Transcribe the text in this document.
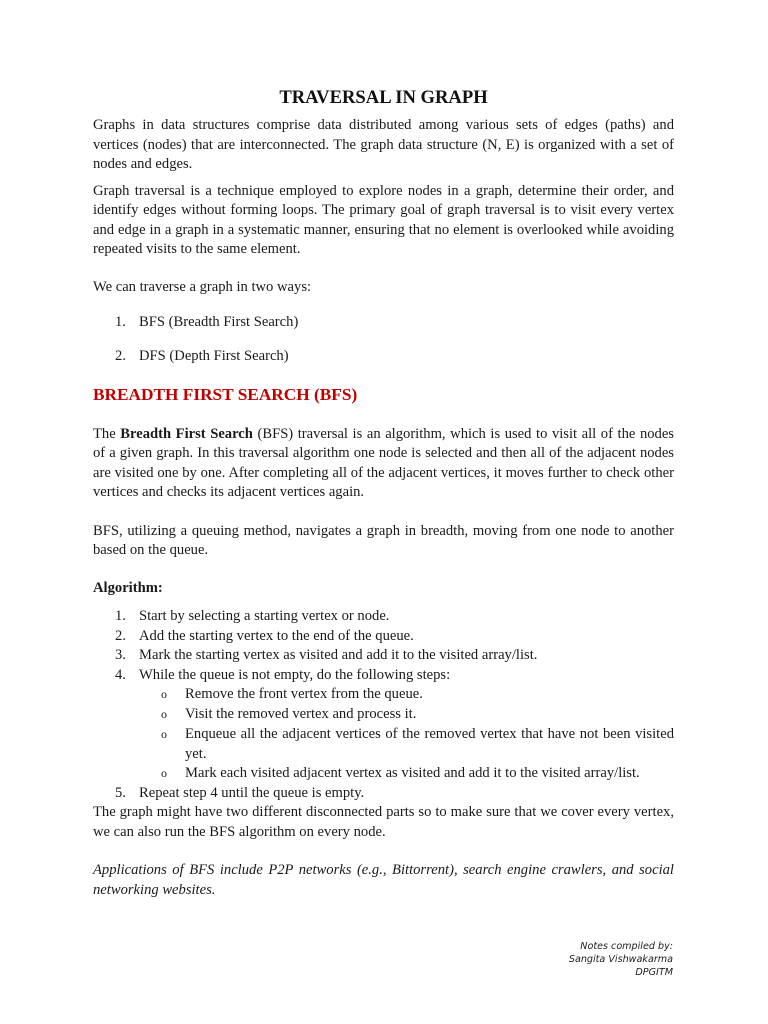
TRAVERSAL IN GRAPH

Graphs in data structures comprise data distributed among various sets of edges (paths) and vertices (nodes) that are interconnected. The graph data structure (N, E) is organized with a set of nodes and edges.

Graph traversal is a technique employed to explore nodes in a graph, determine their order, and identify edges without forming loops. The primary goal of graph traversal is to visit every vertex and edge in a graph in a systematic manner, ensuring that no element is overlooked while avoiding repeated visits to the same element.

We can traverse a graph in two ways:

1. BFS (Breadth First Search)
2. DFS (Depth First Search)
BREADTH FIRST SEARCH (BFS)

The Breadth First Search (BFS) traversal is an algorithm, which is used to visit all of the nodes of a given graph. In this traversal algorithm one node is selected and then all of the adjacent nodes are visited one by one. After completing all of the adjacent vertices, it moves further to check other vertices and checks its adjacent vertices again.

BFS, utilizing a queuing method, navigates a graph in breadth, moving from one node to another based on the queue.

Algorithm:

1. Start by selecting a starting vertex or node.
2. Add the starting vertex to the end of the queue.
3. Mark the starting vertex as visited and add it to the visited array/list.
4. While the queue is not empty, do the following steps:
o Remove the front vertex from the queue.
o Visit the removed vertex and process it.
o Enqueue all the adjacent vertices of the removed vertex that have not been visited yet.
o Mark each visited adjacent vertex as visited and add it to the visited array/list.
5. Repeat step 4 until the queue is empty.

The graph might have two different disconnected parts so to make sure that we cover every vertex, we can also run the BFS algorithm on every node.

Applications of BFS include P2P networks (e.g., Bittorrent), search engine crawlers, and social networking websites.

Notes compiled by:
Sangita Vishwakarma
DPGITM
